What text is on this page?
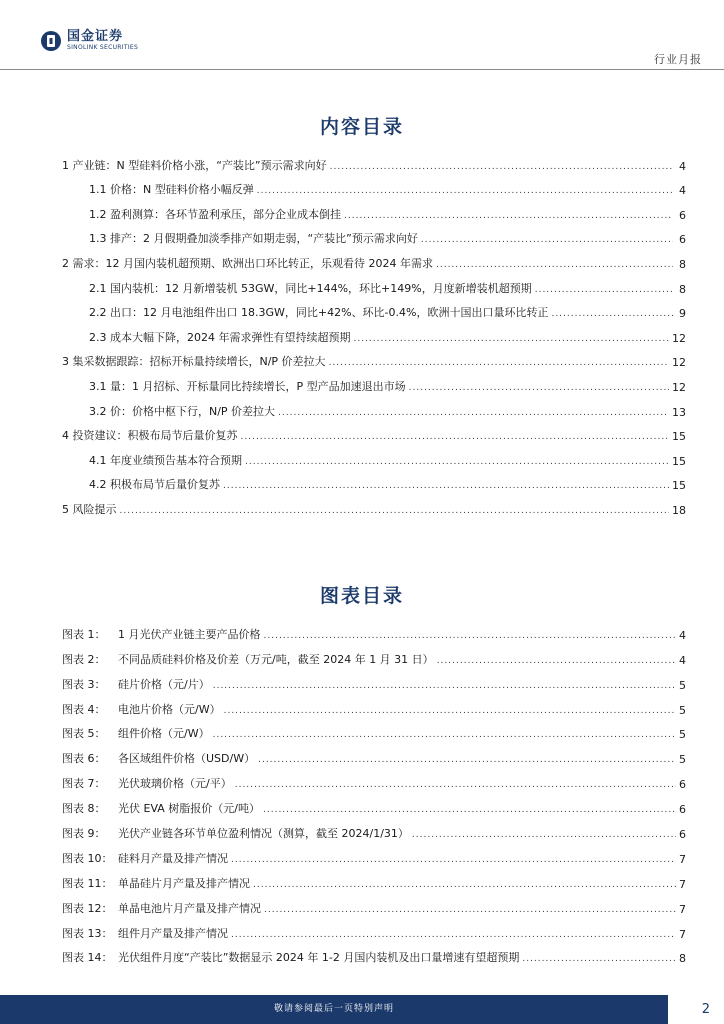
国金证券
SINOLINK SECURITIES
行业月报
内容目录
1 产业链：N 型硅料价格小涨，“产装比”预示需求向好 .....	4
1.1 价格：N 型硅料价格小幅反弹 .....	4
1.2 盈利测算：各环节盈利承压，部分企业成本倒挂 .....	6
1.3 排产：2 月假期叠加淡季排产如期走弱，“产装比”预示需求向好 .....	6
2 需求：12 月国内装机超预期、欧洲出口环比转正，乐观看待 2024 年需求 .....	8
2.1 国内装机：12 月新增装机 53GW，同比+144%，环比+149%，月度新增装机超预期 .....	8
2.2 出口：12 月电池组件出口 18.3GW，同比+42%、环比-0.4%，欧洲十国出口量环比转正 .....	9
2.3 成本大幅下降，2024 年需求弹性有望持续超预期 .....	12
3 集采数据跟踪：招标开标量持续增长，N/P 价差拉大 .....	12
3.1 量：1 月招标、开标量同比持续增长，P 型产品加速退出市场 .....	12
3.2 价：价格中枢下行，N/P 价差拉大 .....	13
4 投资建议：积极布局节后量价复苏 .....	15
4.1 年度业绩预告基本符合预期 .....	15
4.2 积极布局节后量价复苏 .....	15
5 风险提示 .....	18
图表目录
图表 1：	1 月光伏产业链主要产品价格 .....	4
图表 2：	不同品质硅料价格及价差（万元/吨，截至 2024 年 1 月 31 日） .....	4
图表 3：	硅片价格（元/片） .....	5
图表 4：	电池片价格（元/W） .....	5
图表 5：	组件价格（元/W） .....	5
图表 6：	各区域组件价格（USD/W） .....	5
图表 7：	光伏玻璃价格（元/平） .....	6
图表 8：	光伏 EVA 树脂报价（元/吨） .....	6
图表 9：	光伏产业链各环节单位盈利情况（测算，截至 2024/1/31） .....	6
图表 10： 硅料月产量及排产情况 .....	7
图表 11： 单晶硅片月产量及排产情况 .....	7
图表 12： 单晶电池片月产量及排产情况 .....	7
图表 13： 组件月产量及排产情况 .....	7
图表 14： 光伏组件月度“产装比”数据显示 2024 年 1-2 月国内装机及出口量增速有望超预期 .....	8
敬请参阅最后一页特别声明	2
